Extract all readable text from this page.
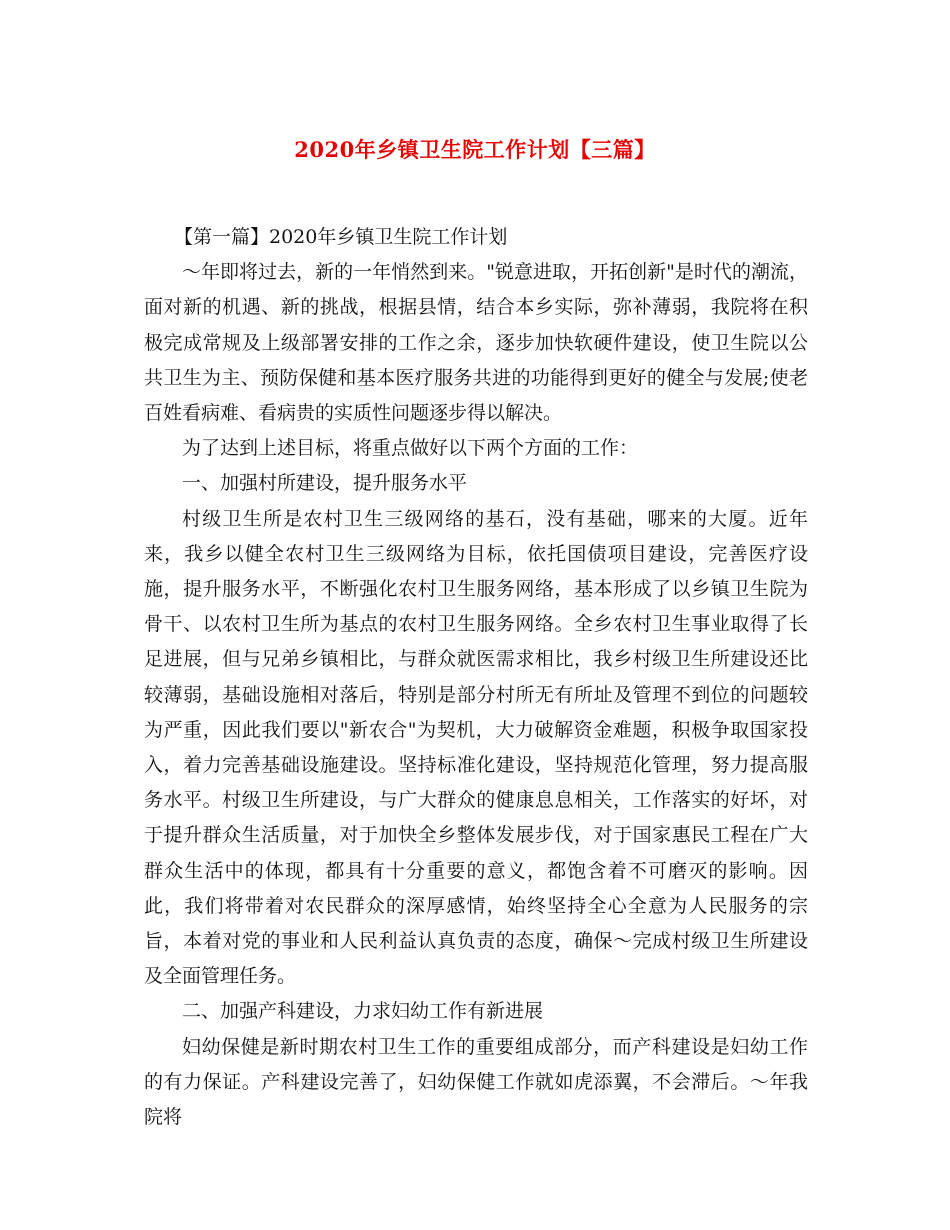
2020年乡镇卫生院工作计划【三篇】

【第一篇】2020年乡镇卫生院工作计划

～年即将过去，新的一年悄然到来。"锐意进取，开拓创新"是时代的潮流，面对新的机遇、新的挑战，根据县情，结合本乡实际，弥补薄弱，我院将在积极完成常规及上级部署安排的工作之余，逐步加快软硬件建设，使卫生院以公共卫生为主、预防保健和基本医疗服务共进的功能得到更好的健全与发展;使老百姓看病难、看病贵的实质性问题逐步得以解决。

为了达到上述目标，将重点做好以下两个方面的工作：

一、加强村所建设，提升服务水平

村级卫生所是农村卫生三级网络的基石，没有基础，哪来的大厦。近年来，我乡以健全农村卫生三级网络为目标，依托国债项目建设，完善医疗设施，提升服务水平，不断强化农村卫生服务网络，基本形成了以乡镇卫生院为骨干、以农村卫生所为基点的农村卫生服务网络。全乡农村卫生事业取得了长足进展，但与兄弟乡镇相比，与群众就医需求相比，我乡村级卫生所建设还比较薄弱，基础设施相对落后，特别是部分村所无有所址及管理不到位的问题较为严重，因此我们要以"新农合"为契机，大力破解资金难题，积极争取国家投入，着力完善基础设施建设。坚持标准化建设，坚持规范化管理，努力提高服务水平。村级卫生所建设，与广大群众的健康息息相关，工作落实的好坏，对于提升群众生活质量，对于加快全乡整体发展步伐，对于国家惠民工程在广大群众生活中的体现，都具有十分重要的意义，都饱含着不可磨灭的影响。因此，我们将带着对农民群众的深厚感情，始终坚持全心全意为人民服务的宗旨，本着对党的事业和人民利益认真负责的态度，确保～完成村级卫生所建设及全面管理任务。

二、加强产科建设，力求妇幼工作有新进展

妇幼保健是新时期农村卫生工作的重要组成部分，而产科建设是妇幼工作的有力保证。产科建设完善了，妇幼保健工作就如虎添翼，不会滞后。～年我院将
